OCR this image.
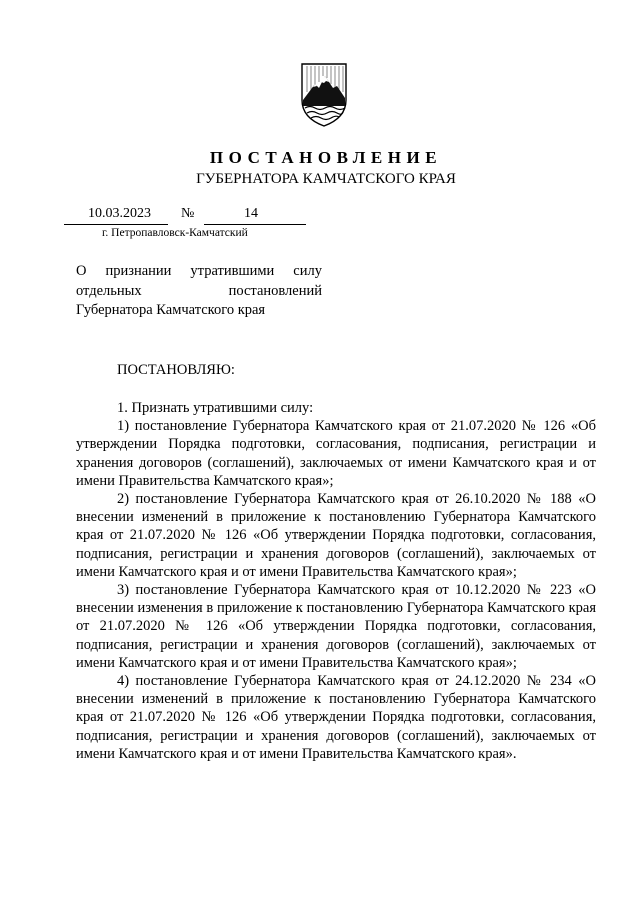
ПОСТАНОВЛЕНИЕ
ГУБЕРНАТОРА КАМЧАТСКОГО КРАЯ
10.03.2023 №	14
г. Петропавловск-Камчатский
О признании утратившими силу отдельных постановлений
Губернатора Камчатского края
ПОСТАНОВЛЯЮ:

1. Признать утратившими силу:

1) постановление Губернатора Камчатского края от 21.07.2020 № 126 «Об утверждении Порядка подготовки, согласования, подписания, регистрации и хранения договоров (соглашений), заключаемых от имени Камчатского края и от имени Правительства Камчатского края»;

2) постановление Губернатора Камчатского края от 26.10.2020 № 188 «О внесении изменений в приложение к постановлению Губернатора Камчатского края от 21.07.2020 № 126 «Об утверждении Порядка подготовки, согласования, подписания, регистрации и хранения договоров (соглашений), заключаемых от имени Камчатского края и от имени Правительства Камчатского края»;

3) постановление Губернатора Камчатского края от 10.12.2020 № 223 «О внесении изменения в приложение к постановлению Губернатора Камчатского края от 21.07.2020 № 126 «Об утверждении Порядка подготовки, согласования, подписания, регистрации и хранения договоров (соглашений), заключаемых от имени Камчатского края и от имени Правительства Камчатского края»;

4) постановление Губернатора Камчатского края от 24.12.2020 № 234 «О внесении изменений в приложение к постановлению Губернатора Камчатского края от 21.07.2020 № 126 «Об утверждении Порядка подготовки, согласования, подписания, регистрации и хранения договоров (соглашений), заключаемых от имени Камчатского края и от имени Правительства Камчатского края».
